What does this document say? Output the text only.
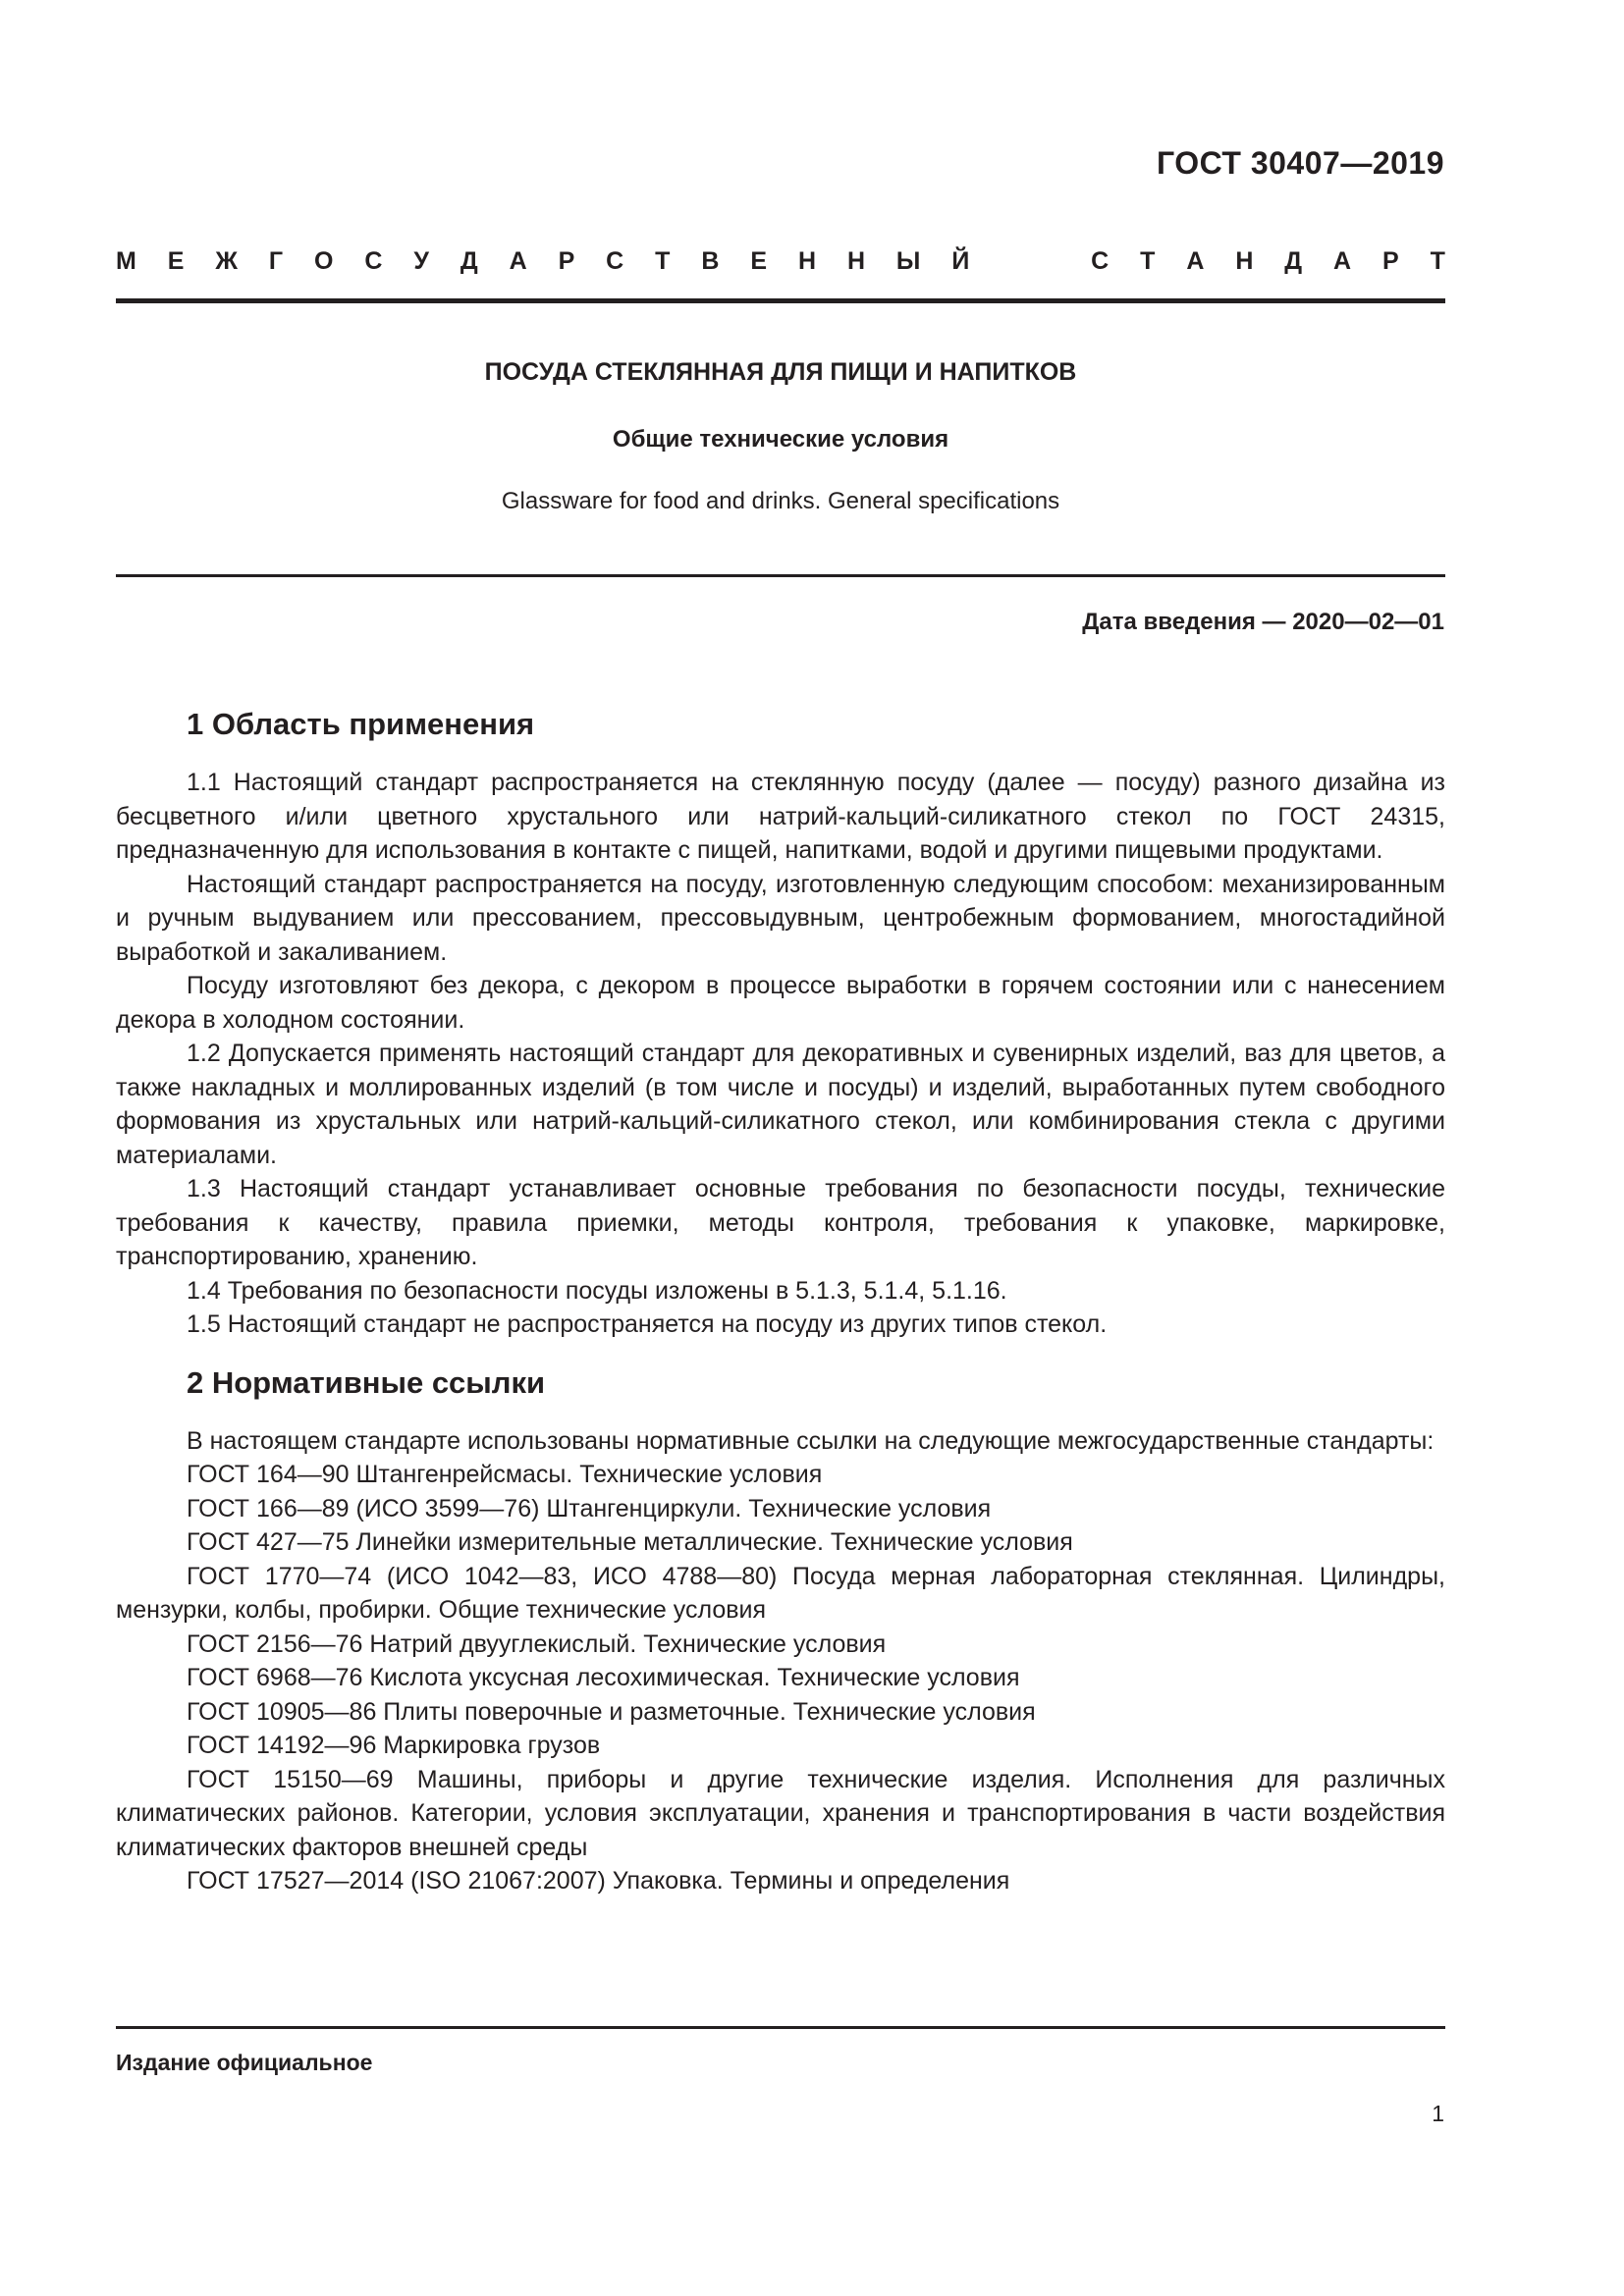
ГОСТ 30407—2019
М Е Ж Г О С У Д А Р С Т В Е Н Н Ы Й	С Т А Н Д А Р Т
ПОСУДА СТЕКЛЯННАЯ ДЛЯ ПИЩИ И НАПИТКОВ
Общие технические условия
Glassware for food and drinks. General specifications
Дата введения — 2020—02—01
1 Область применения

1.1 Настоящий стандарт распространяется на стеклянную посуду (далее — посуду) разного дизайна из бесцветного и/или цветного хрустального или натрий-кальций-силикатного стекол по ГОСТ 24315, предназначенную для использования в контакте с пищей, напитками, водой и другими пищевыми продуктами.

Настоящий стандарт распространяется на посуду, изготовленную следующим способом: механизированным и ручным выдуванием или прессованием, прессовыдувным, центробежным формованием, многостадийной выработкой и закаливанием.

Посуду изготовляют без декора, с декором в процессе выработки в горячем состоянии или с нанесением декора в холодном состоянии.

1.2 Допускается применять настоящий стандарт для декоративных и сувенирных изделий, ваз для цветов, а также накладных и моллированных изделий (в том числе и посуды) и изделий, выработанных путем свободного формования из хрустальных или натрий-кальций-силикатного стекол, или комбинирования стекла с другими материалами.

1.3 Настоящий стандарт устанавливает основные требования по безопасности посуды, технические требования к качеству, правила приемки, методы контроля, требования к упаковке, маркировке, транспортированию, хранению.

1.4 Требования по безопасности посуды изложены в 5.1.3, 5.1.4, 5.1.16.

1.5 Настоящий стандарт не распространяется на посуду из других типов стекол.

2 Нормативные ссылки

В настоящем стандарте использованы нормативные ссылки на следующие межгосударственные стандарты:

ГОСТ 164—90 Штангенрейсмасы. Технические условия

ГОСТ 166—89 (ИСО 3599—76) Штангенциркули. Технические условия

ГОСТ 427—75 Линейки измерительные металлические. Технические условия

ГОСТ 1770—74 (ИСО 1042—83, ИСО 4788—80) Посуда мерная лабораторная стеклянная. Цилиндры, мензурки, колбы, пробирки. Общие технические условия

ГОСТ 2156—76 Натрий двууглекислый. Технические условия

ГОСТ 6968—76 Кислота уксусная лесохимическая. Технические условия

ГОСТ 10905—86 Плиты поверочные и разметочные. Технические условия

ГОСТ 14192—96 Маркировка грузов

ГОСТ 15150—69 Машины, приборы и другие технические изделия. Исполнения для различных климатических районов. Категории, условия эксплуатации, хранения и транспортирования в части воздействия климатических факторов внешней среды

ГОСТ 17527—2014 (ISO 21067:2007) Упаковка. Термины и определения

Издание официальное
1
